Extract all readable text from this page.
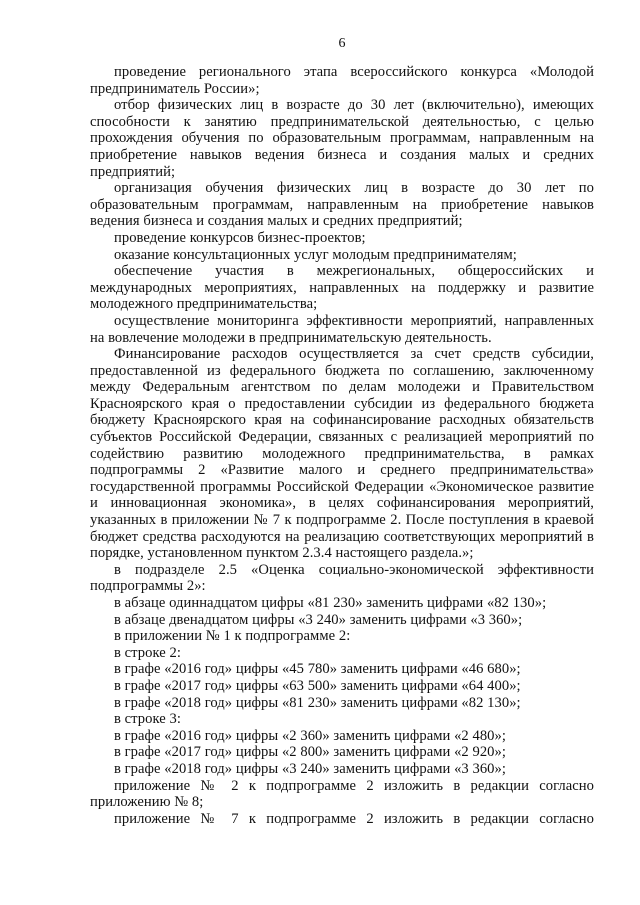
6

проведение регионального этапа всероссийского конкурса «Молодой предприниматель России»;

отбор физических лиц в возрасте до 30 лет (включительно), имеющих способности к занятию предпринимательской деятельностью, с целью прохождения обучения по образовательным программам, направленным на приобретение навыков ведения бизнеса и создания малых и средних предприятий;

организация обучения физических лиц в возрасте до 30 лет по образовательным программам, направленным на приобретение навыков ведения бизнеса и создания малых и средних предприятий;

проведение конкурсов бизнес-проектов;

оказание консультационных услуг молодым предпринимателям;

обеспечение участия в межрегиональных, общероссийских и международных мероприятиях, направленных на поддержку и развитие молодежного предпринимательства;

осуществление мониторинга эффективности мероприятий, направленных на вовлечение молодежи в предпринимательскую деятельность.

Финансирование расходов осуществляется за счет средств субсидии, предоставленной из федерального бюджета по соглашению, заключенному между Федеральным агентством по делам молодежи и Правительством Красноярского края о предоставлении субсидии из федерального бюджета бюджету Красноярского края на софинансирование расходных обязательств субъектов Российской Федерации, связанных с реализацией мероприятий по содействию развитию молодежного предпринимательства, в рамках подпрограммы 2 «Развитие малого и среднего предпринимательства» государственной программы Российской Федерации «Экономическое развитие и инновационная экономика», в целях софинансирования мероприятий, указанных в приложении № 7 к подпрограмме 2. После поступления в краевой бюджет средства расходуются на реализацию соответствующих мероприятий в порядке, установленном пунктом 2.3.4 настоящего раздела.»;

в подразделе 2.5 «Оценка социально-экономической эффективности подпрограммы 2»:

в абзаце одиннадцатом цифры «81 230» заменить цифрами «82 130»;

в абзаце двенадцатом цифры «3 240» заменить цифрами «3 360»;

в приложении № 1 к подпрограмме 2:

в строке 2:

в графе «2016 год» цифры «45 780» заменить цифрами «46 680»;

в графе «2017 год» цифры «63 500» заменить цифрами «64 400»;

в графе «2018 год» цифры «81 230» заменить цифрами «82 130»;

в строке 3:

в графе «2016 год» цифры «2 360» заменить цифрами «2 480»;

в графе «2017 год» цифры «2 800» заменить цифрами «2 920»;

в графе «2018 год» цифры «3 240» заменить цифрами «3 360»;

приложение № 2 к подпрограмме 2 изложить в редакции согласно приложению № 8;

приложение № 7 к подпрограмме 2 изложить в редакции согласно
